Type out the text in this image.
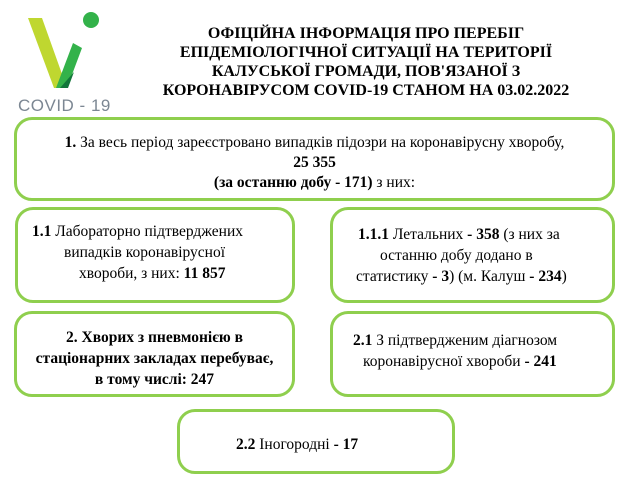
COVID - 19
ОФІЦІЙНА ІНФОРМАЦІЯ ПРО ПЕРЕБІГ
ЕПІДЕМІОЛОГІЧНОЇ СИТУАЦІЇ НА ТЕРИТОРІЇ
КАЛУСЬКОЇ ГРОМАДИ, ПОВ'ЯЗАНОЇ З
КОРОНАВІРУСОМ COVID-19 СТАНОМ НА 03.02.2022
1. За весь період зареєстровано випадків підозри на коронавірусну хворобу,
25 355
(за останню добу - 171) з них:
1.1 Лабораторно підтверджених
випадків коронавірусної
хвороби, з них: 11 857
1.1.1 Летальних - 358 (з них за
останню добу додано в
статистику - 3) (м. Калуш - 234)
2. Хворих з пневмонією в
стаціонарних закладах перебуває,
в тому числі: 247
2.1 З підтвердженим діагнозом
коронавірусної хвороби - 241
2.2 Іногородні - 17
